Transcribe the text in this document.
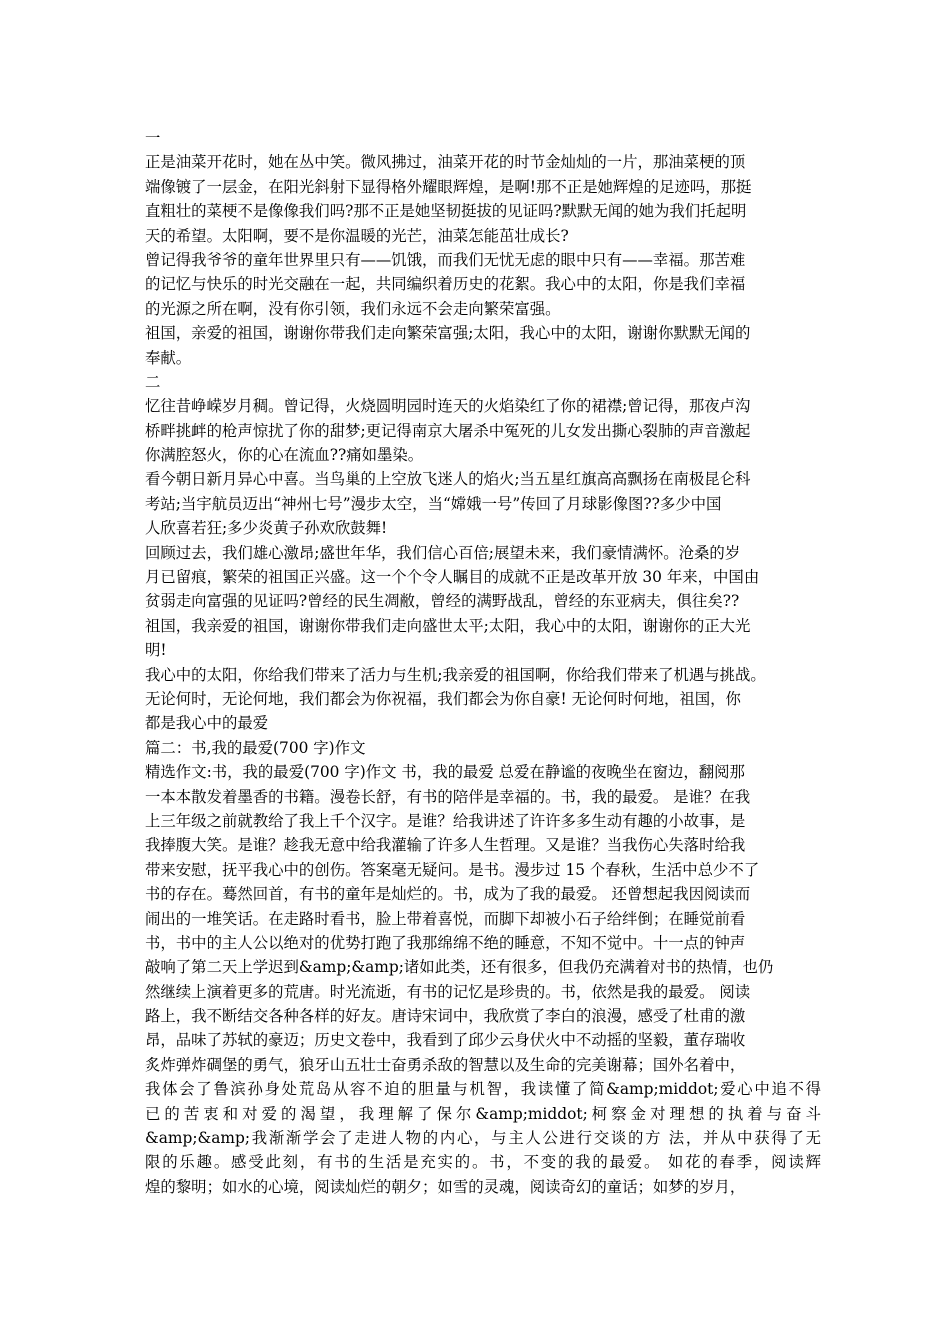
一
正是油菜开花时，她在丛中笑。微风拂过，油菜开花的时节金灿灿的一片，那油菜梗的顶
端像镀了一层金，在阳光斜射下显得格外耀眼辉煌，是啊!那不正是她辉煌的足迹吗，那挺
直粗壮的菜梗不是像像我们吗?那不正是她坚韧挺拔的见证吗?默默无闻的她为我们托起明
天的希望。太阳啊，要不是你温暖的光芒，油菜怎能茁壮成长?
曾记得我爷爷的童年世界里只有——饥饿，而我们无忧无虑的眼中只有——幸福。那苦难
的记忆与快乐的时光交融在一起，共同编织着历史的花絮。我心中的太阳，你是我们幸福
的光源之所在啊，没有你引领，我们永远不会走向繁荣富强。
祖国，亲爱的祖国，谢谢你带我们走向繁荣富强;太阳，我心中的太阳，谢谢你默默无闻的
奉献。
二
忆往昔峥嵘岁月稠。曾记得，火烧圆明园时连天的火焰染红了你的裙襟;曾记得，那夜卢沟
桥畔挑衅的枪声惊扰了你的甜梦;更记得南京大屠杀中冤死的儿女发出撕心裂肺的声音激起
你满腔怒火，你的心在流血??痛如墨染。
看今朝日新月异心中喜。当鸟巢的上空放飞迷人的焰火;当五星红旗高高飘扬在南极昆仑科
考站;当宇航员迈出“神州七号”漫步太空，当“嫦娥一号”传回了月球影像图??多少中国
人欣喜若狂;多少炎黄子孙欢欣鼓舞!
回顾过去，我们雄心激昂;盛世年华，我们信心百倍;展望未来，我们豪情满怀。沧桑的岁
月已留痕，繁荣的祖国正兴盛。这一个个令人瞩目的成就不正是改革开放 30 年来，中国由
贫弱走向富强的见证吗?曾经的民生凋敝，曾经的满野战乱，曾经的东亚病夫，俱往矣??
祖国，我亲爱的祖国，谢谢你带我们走向盛世太平;太阳，我心中的太阳，谢谢你的正大光
明!
我心中的太阳，你给我们带来了活力与生机;我亲爱的祖国啊，你给我们带来了机遇与挑战。
无论何时，无论何地，我们都会为你祝福，我们都会为你自豪! 无论何时何地，祖国，你
都是我心中的最爱
篇二：书,我的最爱(700 字)作文
精选作文:书，我的最爱(700 字)作文 书，我的最爱 总爱在静谧的夜晚坐在窗边，翻阅那
一本本散发着墨香的书籍。漫卷长舒，有书的陪伴是幸福的。书，我的最爱。 是谁？在我
上三年级之前就教给了我上千个汉字。是谁？给我讲述了许许多多生动有趣的小故事，是
我捧腹大笑。是谁？趁我无意中给我灌输了许多人生哲理。又是谁？当我伤心失落时给我
带来安慰，抚平我心中的创伤。答案毫无疑问。是书。漫步过 15 个春秋，生活中总少不了
书的存在。蓦然回首，有书的童年是灿烂的。书，成为了我的最爱。 还曾想起我因阅读而
闹出的一堆笑话。在走路时看书，脸上带着喜悦，而脚下却被小石子给绊倒；在睡觉前看
书，书中的主人公以绝对的优势打跑了我那绵绵不绝的睡意，不知不觉中。十一点的钟声
敲响了第二天上学迟到&amp;&amp;诸如此类，还有很多，但我仍充满着对书的热情，也仍
然继续上演着更多的荒唐。时光流逝，有书的记忆是珍贵的。书，依然是我的最爱。 阅读
路上，我不断结交各种各样的好友。唐诗宋词中，我欣赏了李白的浪漫，感受了杜甫的激
昂，品味了苏轼的豪迈；历史文卷中，我看到了邱少云身伏火中不动摇的坚毅，董存瑞收
炙炸弹炸碉堡的勇气，狼牙山五壮士奋勇杀敌的智慧以及生命的完美谢幕；国外名着中，
我体会了鲁滨孙身处荒岛从容不迫的胆量与机智，我读懂了简&amp;middot;爱心中追不得
已的苦衷和对爱的渴望，我理解了保尔&amp;middot;柯察金对理想的执着与奋斗
&amp;&amp;我渐渐学会了走进人物的内心，与主人公进行交谈的方 法，并从中获得了无
限的乐趣。感受此刻，有书的生活是充实的。书，不变的我的最爱。 如花的春季，阅读辉
煌的黎明；如水的心境，阅读灿烂的朝夕；如雪的灵魂，阅读奇幻的童话；如梦的岁月，
